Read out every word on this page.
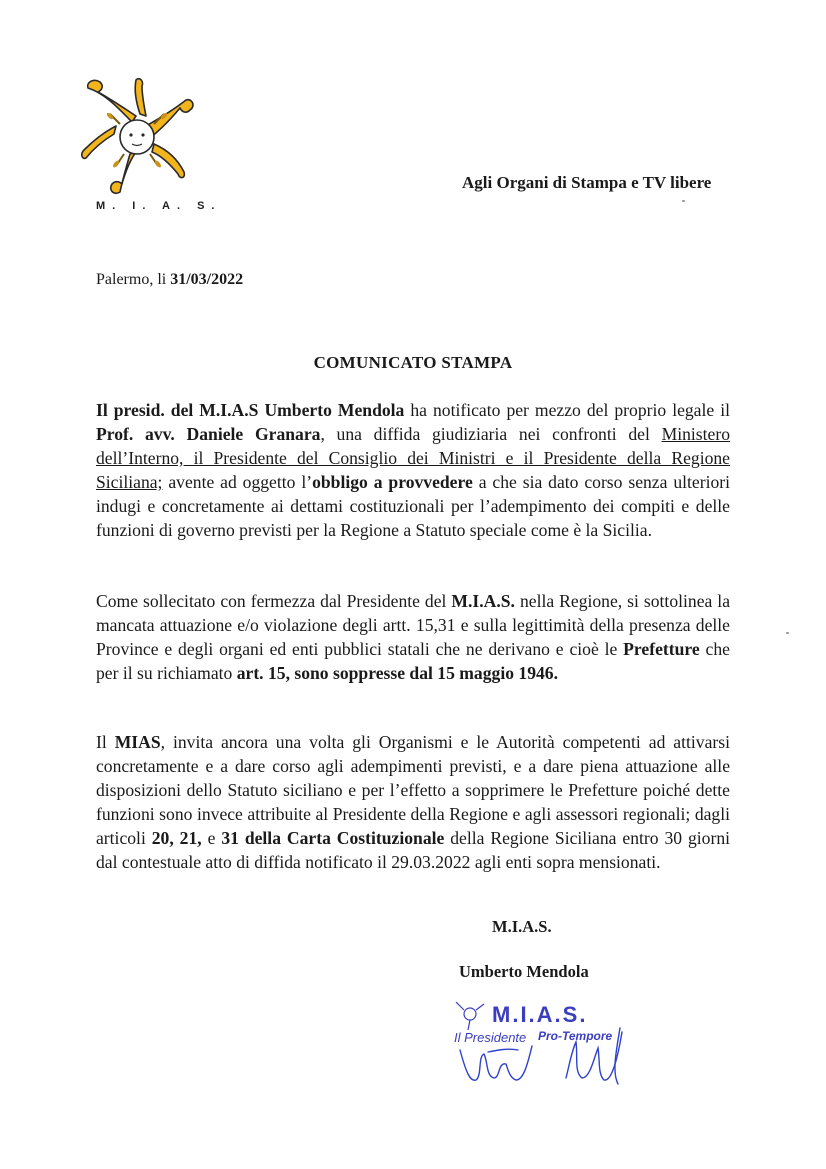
M. I. A. S.
Agli Organi di Stampa e TV libere
Palermo, li 31/03/2022
COMUNICATO STAMPA

Il presid. del M.I.A.S Umberto Mendola ha notificato per mezzo del proprio legale il Prof. avv. Daniele Granara, una diffida giudiziaria nei confronti del Ministero dell’Interno, il Presidente del Consiglio dei Ministri e il Presidente della Regione Siciliana; avente ad oggetto l’obbligo a provvedere a che sia dato corso senza ulteriori indugi e concretamente ai dettami costituzionali per l’adempimento dei compiti e delle funzioni di governo previsti per la Regione a Statuto speciale come è la Sicilia.

Come sollecitato con fermezza dal Presidente del M.I.A.S. nella Regione, si sottolinea la mancata attuazione e/o violazione degli artt. 15,31 e sulla legittimità della presenza delle Province e degli organi ed enti pubblici statali che ne derivano e cioè le Prefetture che per il su richiamato art. 15, sono soppresse dal 15 maggio 1946.

Il MIAS, invita ancora una volta gli Organismi e le Autorità competenti ad attivarsi concretamente e a dare corso agli adempimenti previsti, e a dare piena attuazione alle disposizioni dello Statuto siciliano e per l’effetto a sopprimere le Prefetture poiché dette funzioni sono invece attribuite al Presidente della Regione e agli assessori regionali; dagli articoli 20, 21, e 31 della Carta Costituzionale della Regione Siciliana entro 30 giorni dal contestuale atto di diffida notificato il 29.03.2022 agli enti sopra mensionati.

M.I.A.S.
Umberto Mendola
M.I.A.S.
Il Presidente Pro-Tempore
